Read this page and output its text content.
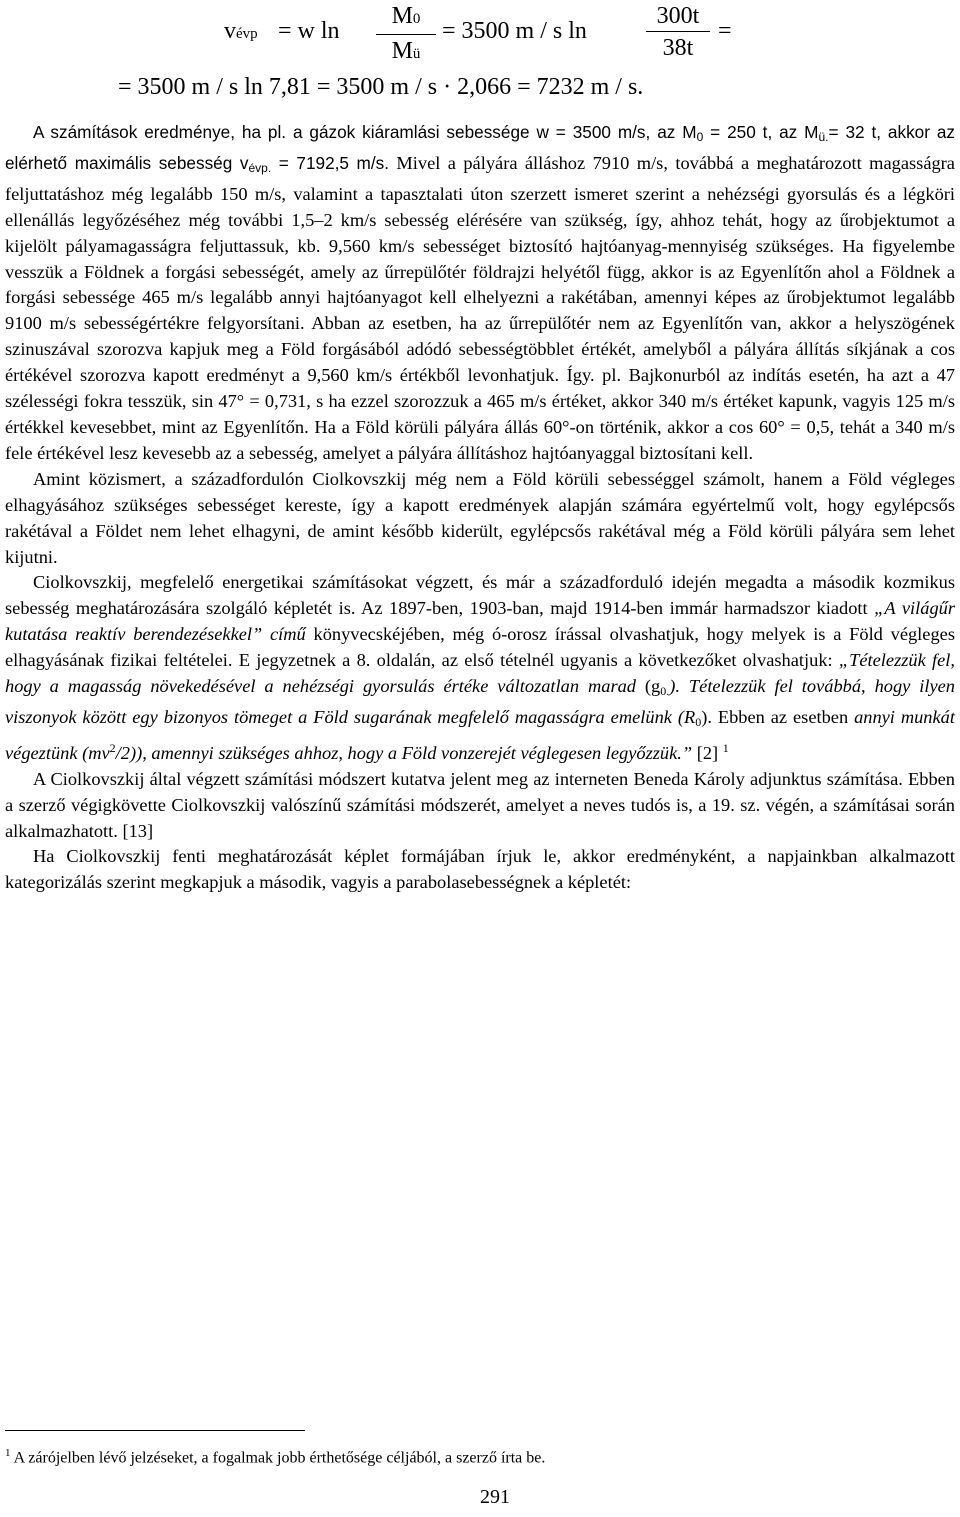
vévp = w ln
M0
Mü
= 3500 m / s ln
300t
38t
=
= 3500 m / s ln 7,81 = 3500 m / s · 2,066 = 7232 m / s.

A számítások eredménye, ha pl. a gázok kiáramlási sebessége w = 3500 m/s, az M0 = 250 t, az Mü.= 32 t, akkor az elérhető maximális sebesség vévp. = 7192,5 m/s. Mivel a pályára álláshoz 7910 m/s, továbbá a meghatározott magasságra feljuttatáshoz még legalább 150 m/s, valamint a tapasztalati úton szerzett ismeret szerint a nehézségi gyorsulás és a légköri ellenállás legyőzéséhez még további 1,5–2 km/s sebesség elérésére van szükség, így, ahhoz tehát, hogy az űrobjektumot a kijelölt pályamagasságra feljuttassuk, kb. 9,560 km/s sebességet biztosító hajtóanyag-mennyiség szükséges. Ha figyelembe vesszük a Földnek a forgási sebességét, amely az űrrepülőtér földrajzi helyétől függ, akkor is az Egyenlítőn ahol a Földnek a forgási sebessége 465 m/s legalább annyi hajtóanyagot kell elhelyezni a rakétában, amennyi képes az űrobjektumot legalább 9100 m/s sebességértékre felgyorsítani. Abban az esetben, ha az űrrepülőtér nem az Egyenlítőn van, akkor a helyszögének szinuszával szorozva kapjuk meg a Föld forgásából adódó sebességtöbblet értékét, amelyből a pályára állítás síkjának a cos értékével szorozva kapott eredményt a 9,560 km/s értékből levonhatjuk. Így. pl. Bajkonurból az indítás esetén, ha azt a 47 szélességi fokra tesszük, sin 47° = 0,731, s ha ezzel szorozzuk a 465 m/s értéket, akkor 340 m/s értéket kapunk, vagyis 125 m/s értékkel kevesebbet, mint az Egyenlítőn. Ha a Föld körüli pályára állás 60°-on történik, akkor a cos 60° = 0,5, tehát a 340 m/s fele értékével lesz kevesebb az a sebesség, amelyet a pályára állításhoz hajtóanyaggal biztosítani kell.

Amint közismert, a századfordulón Ciolkovszkij még nem a Föld körüli sebességgel számolt, hanem a Föld végleges elhagyásához szükséges sebességet kereste, így a kapott eredmények alapján számára egyértelmű volt, hogy egylépcsős rakétával a Földet nem lehet elhagyni, de amint később kiderült, egylépcsős rakétával még a Föld körüli pályára sem lehet kijutni.

Ciolkovszkij, megfelelő energetikai számításokat végzett, és már a századforduló idején megadta a második kozmikus sebesség meghatározására szolgáló képletét is. Az 1897-ben, 1903-ban, majd 1914-ben immár harmadszor kiadott „A világűr kutatása reaktív berendezésekkel” című könyvecskéjében, még ó-orosz írással olvashatjuk, hogy melyek is a Föld végleges elhagyásának fizikai feltételei. E jegyzetnek a 8. oldalán, az első tételnél ugyanis a következőket olvashatjuk: „Tételezzük fel, hogy a magasság növekedésével a nehézségi gyorsulás értéke változatlan marad (g0.). Tételezzük fel továbbá, hogy ilyen viszonyok között egy bizonyos tömeget a Föld sugarának megfelelő magasságra emelünk (R0). Ebben az esetben annyi munkát végeztünk $(mv^2/2)$), amennyi szükséges ahhoz, hogy a Föld vonzerejét véglegesen legyőzzük.” [2] $^1$

A Ciolkovszkij által végzett számítási módszert kutatva jelent meg az interneten Beneda Károly adjunktus számítása. Ebben a szerző végigkövette Ciolkovszkij valószínű számítási módszerét, amelyet a neves tudós is, a 19. sz. végén, a számításai során alkalmazhatott. [13]

Ha Ciolkovszkij fenti meghatározását képlet formájában írjuk le, akkor eredményként, a napjainkban alkalmazott kategorizálás szerint megkapjuk a második, vagyis a parabolasebességnek a képletét:

$^1$ A zárójelben lévő jelzéseket, a fogalmak jobb érthetősége céljából, a szerző írta be.
291
